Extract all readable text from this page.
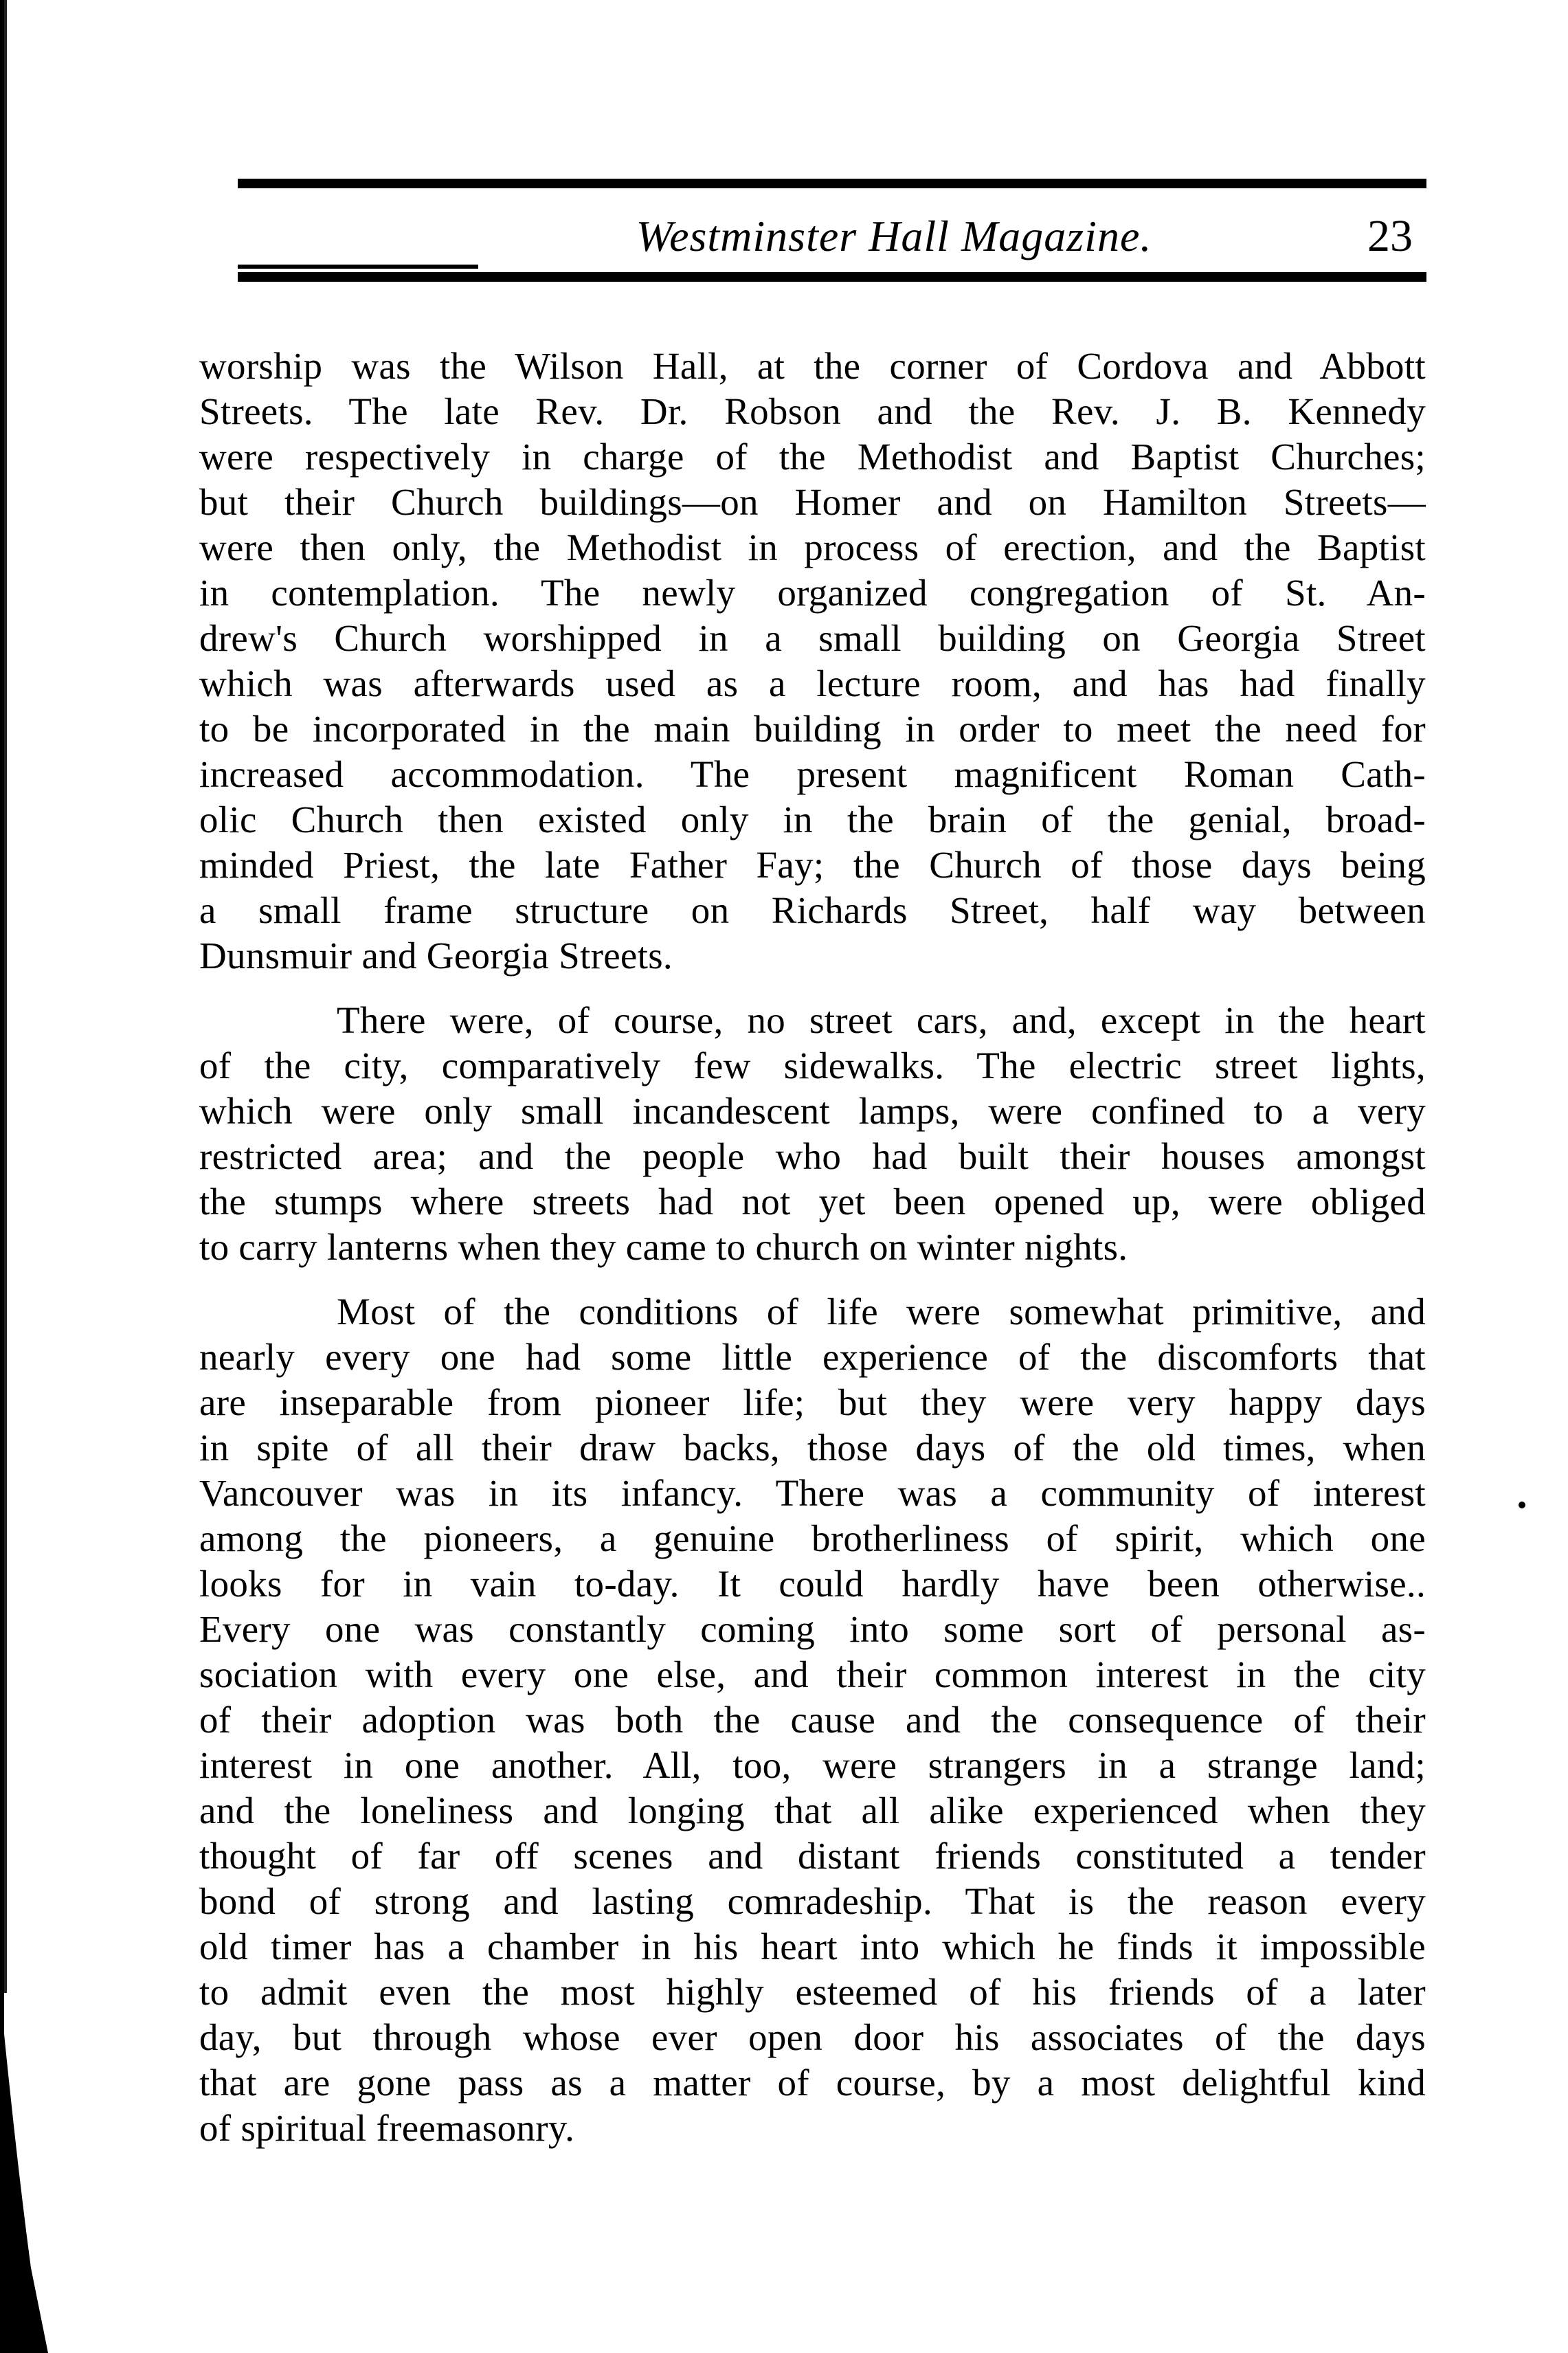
Westminster Hall Magazine.	23
worship was the Wilson Hall, at the corner of Cordova and Abbott
Streets. The late Rev. Dr. Robson and the Rev. J. B. Kennedy
were respectively in charge of the Methodist and Baptist Churches;
but their Church buildings—on Homer and on Hamilton Streets—
were then only, the Methodist in process of erection, and the Baptist
in contemplation. The newly organized congregation of St. An-
drew's Church worshipped in a small building on Georgia Street
which was afterwards used as a lecture room, and has had finally
to be incorporated in the main building in order to meet the need for
increased accommodation. The present magnificent Roman Cath-
olic Church then existed only in the brain of the genial, broad-
minded Priest, the late Father Fay; the Church of those days being
a small frame structure on Richards Street, half way between
Dunsmuir and Georgia Streets.
There were, of course, no street cars, and, except in the heart
of the city, comparatively few sidewalks. The electric street lights,
which were only small incandescent lamps, were confined to a very
restricted area; and the people who had built their houses amongst
the stumps where streets had not yet been opened up, were obliged
to carry lanterns when they came to church on winter nights.
Most of the conditions of life were somewhat primitive, and
nearly every one had some little experience of the discomforts that
are inseparable from pioneer life; but they were very happy days
in spite of all their draw backs, those days of the old times, when
Vancouver was in its infancy. There was a community of interest
among the pioneers, a genuine brotherliness of spirit, which one
looks for in vain to-day. It could hardly have been otherwise..
Every one was constantly coming into some sort of personal as-
sociation with every one else, and their common interest in the city
of their adoption was both the cause and the consequence of their
interest in one another. All, too, were strangers in a strange land;
and the loneliness and longing that all alike experienced when they
thought of far off scenes and distant friends constituted a tender
bond of strong and lasting comradeship. That is the reason every
old timer has a chamber in his heart into which he finds it impossible
to admit even the most highly esteemed of his friends of a later
day, but through whose ever open door his associates of the days
that are gone pass as a matter of course, by a most delightful kind
of spiritual freemasonry.
